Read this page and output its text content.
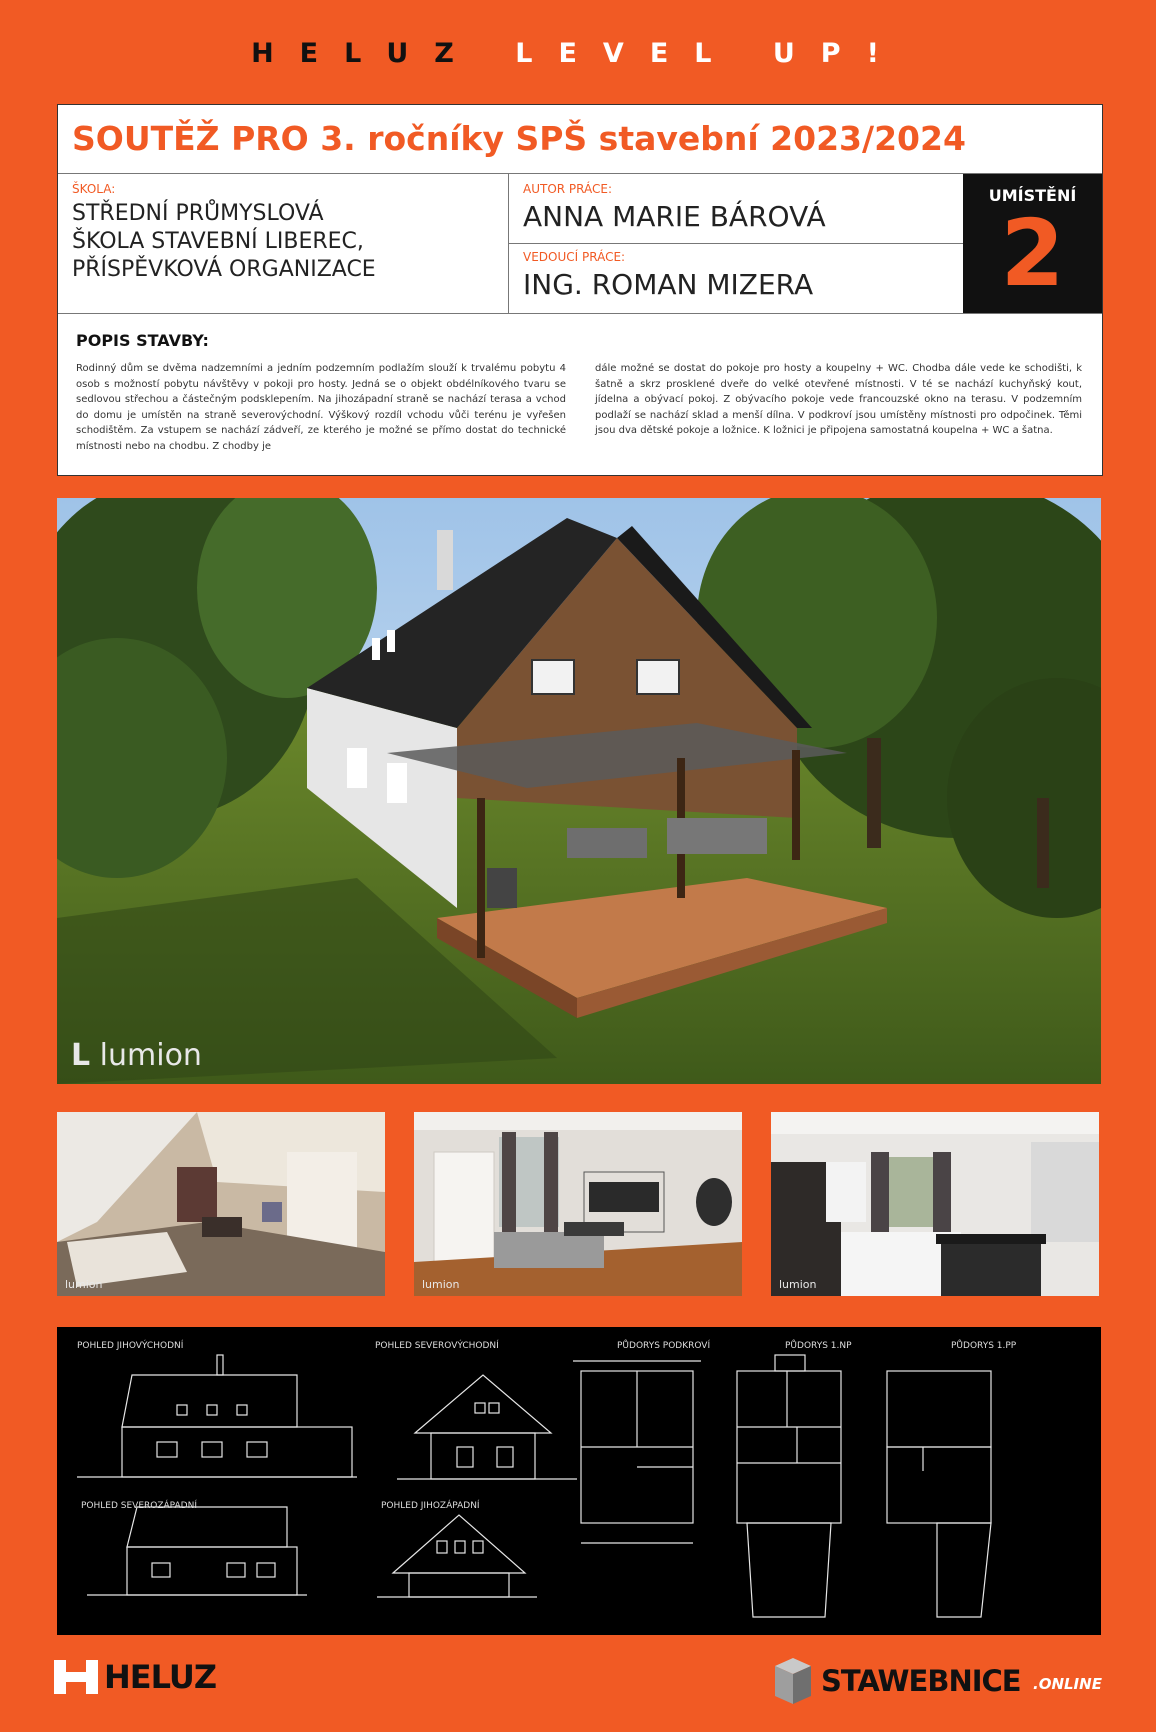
HELUZ LEVEL UP!
SOUTĚŽ PRO 3. ročníky SPŠ stavební 2023/2024
ŠKOLA:
STŘEDNÍ PRŮMYSLOVÁ
ŠKOLA STAVEBNÍ LIBEREC,
PŘÍSPĚVKOVÁ ORGANIZACE
AUTOR PRÁCE:
ANNA MARIE BÁROVÁ
VEDOUCÍ PRÁCE:
ING. ROMAN MIZERA
UMÍSTĚNÍ
2
POPIS STAVBY:
Rodinný dům se dvěma nadzemními a jedním podzemním podlažím slouží k trvalému pobytu 4 osob s možností pobytu návštěvy v pokoji pro hosty. Jedná se o objekt obdélníkového tvaru se sedlovou střechou a částečným podsklepením. Na jihozápadní straně se nachází terasa a vchod do domu je umístěn na straně severovýchodní. Výškový rozdíl vchodu vůči terénu je vyřešen schodištěm. Za vstupem se nachází zádveří, ze kterého je možné se přímo dostat do technické místnosti nebo na chodbu. Z chodby je
dále možné se dostat do pokoje pro hosty a koupelny + WC. Chodba dále vede ke schodišti, k šatně a skrz prosklené dveře do velké otevřené místnosti. V té se nachází kuchyňský kout, jídelna a obývací pokoj. Z obývacího pokoje vede francouzské okno na terasu. V podzemním podlaží se nachází sklad a menší dílna. V podkroví jsou umístěny místnosti pro odpočinek. Těmi jsou dva dětské pokoje a ložnice. K ložnici je připojena samostatná koupelna + WC a šatna.
L lumion
lumion	lumion	lumion
POHLED JIHOVÝCHODNÍ	POHLED SEVEROVÝCHODNÍ	PŮDORYS PODKROVÍ	PŮDORYS 1.NP	PŮDORYS 1.PP
POHLED SEVEROZÁPADNÍ	POHLED JIHOZÁPADNÍ
HELUZ	STAWEBNICE .ONLINE
